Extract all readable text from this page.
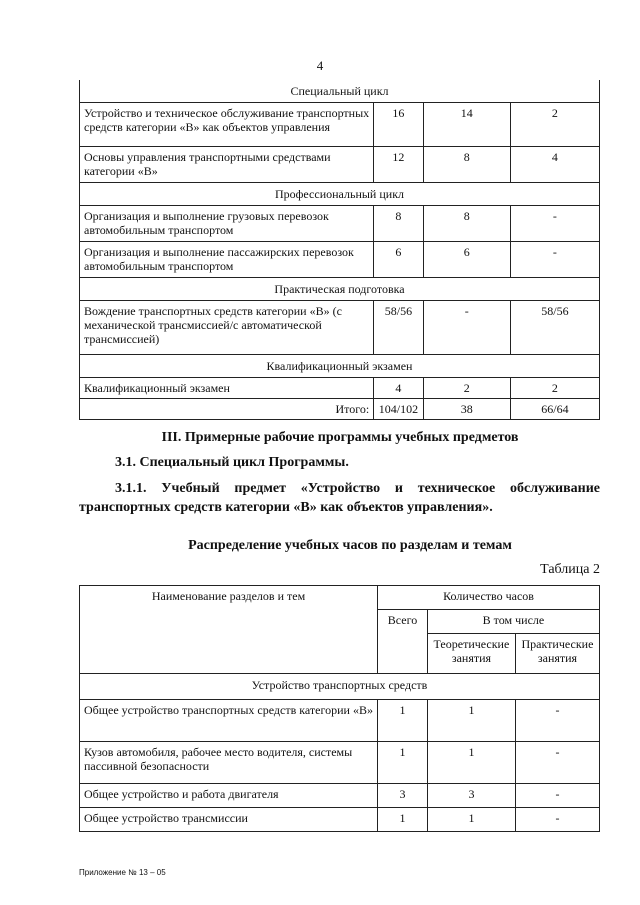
4
Специальный цикл			
Устройство и техническое обслуживание транспортных средств категории «В» как объектов управления	16	14	2
Основы управления транспортными средствами категории «В»	12	8	4
Профессиональный цикл			
Организация и выполнение грузовых перевозок автомобильным транспортом	8	8	-
Организация и выполнение пассажирских перевозок автомобильным транспортом	6	6	-
Практическая подготовка			
Вождение транспортных средств категории «В» (с механической трансмиссией/с автоматической трансмиссией)	58/56	-	58/56
Квалификационный экзамен			
Квалификационный экзамен	4	2	2
Итого:	104/102	38	66/64
III. Примерные рабочие программы учебных предметов
3.1. Специальный цикл Программы.
3.1.1. Учебный предмет «Устройство и техническое обслуживание
транспортных средств категории «В» как объектов управления».
Распределение учебных часов по разделам и темам
Таблица 2
Наименование разделов и тем	Количество часов		
	Всего	В том числе	
		Теоретические занятия	Практические занятия
Устройство транспортных средств			
Общее устройство транспортных средств категории «В»	1	1	-
Кузов автомобиля, рабочее место водителя, системы пассивной безопасности	1	1	-
Общее устройство и работа двигателя	3	3	-
Общее устройство трансмиссии	1	1	-
Приложение № 13 – 05
